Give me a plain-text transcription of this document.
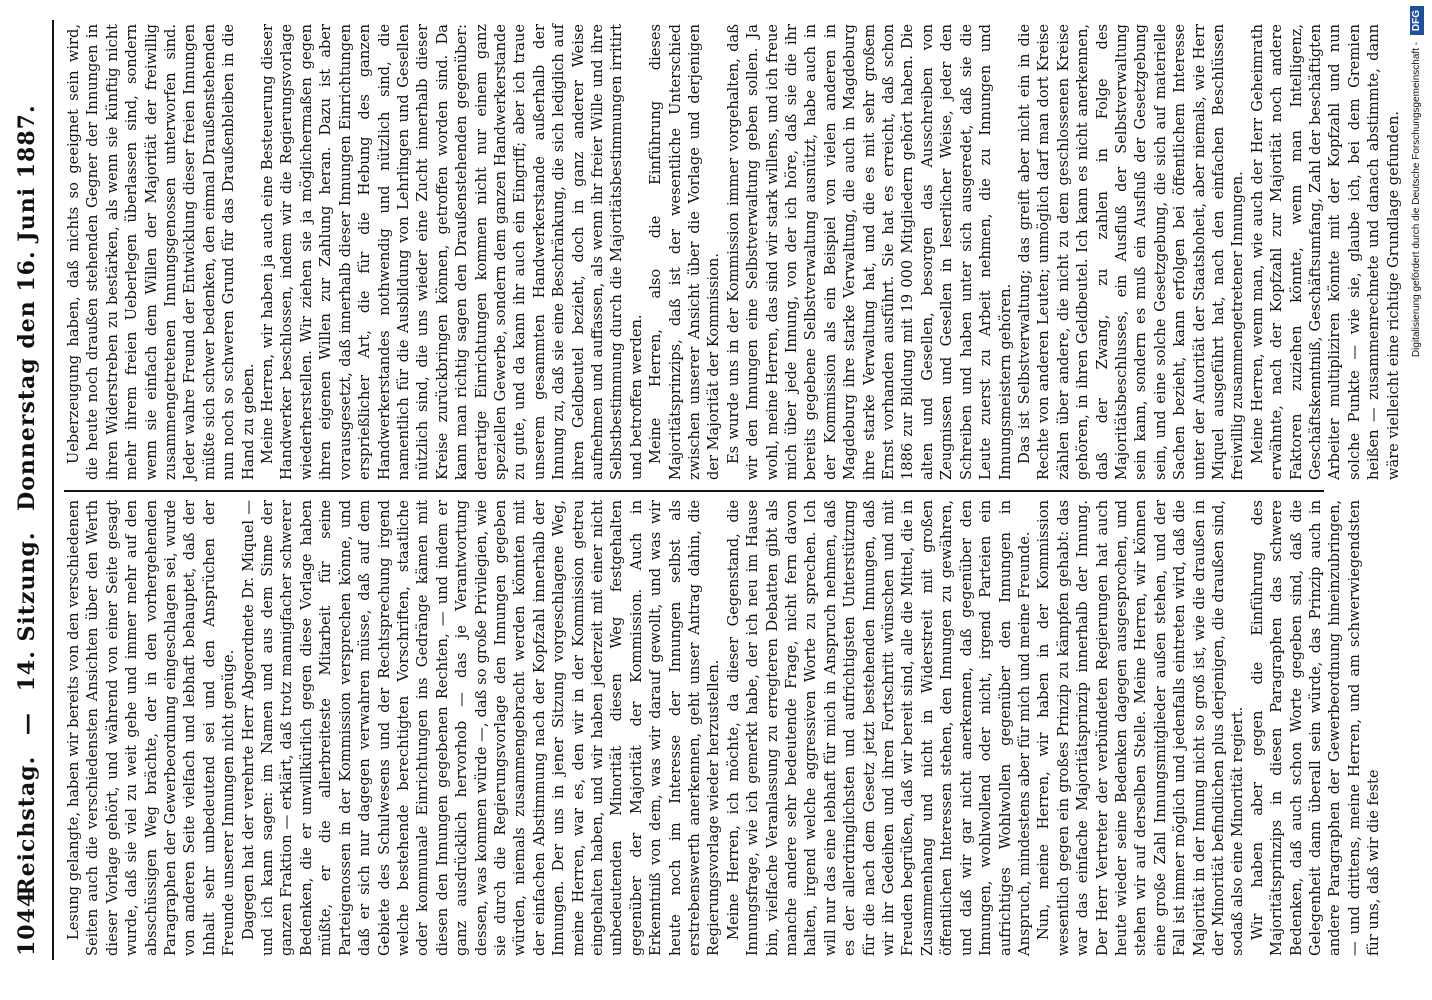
1044
Reichstag. — 14. Sitzung. Donnerstag den 16. Juni 1887.

Lesung gelangte, haben wir bereits von den verschiedenen Seiten auch die verschiedensten Ansichten über den Werth dieser Vorlage gehört, und während von einer Seite gesagt wurde, daß sie viel zu weit gehe und immer mehr auf den absschüssigen Weg brächte, der in den vorhergehenden Paragraphen der Gewerbeordnung eingeschlagen sei, wurde von anderen Seite vielfach und lebhaft behauptet, daß der Inhalt sehr unbedeutend sei und den Ansprüchen der Freunde unserer Innungen nicht genüge. Dagegen hat der verehrte Herr Abgeordnete Dr. Miquel — und ich kann sagen: im Namen und aus dem Sinne der ganzen Fraktion — erklärt, daß trotz mannigfacher schwerer Bedenken, die er unwillkürlich gegen diese Vorlage haben müßte, er die allerbreiteste Mitarbeit für seine Parteigenossen in der Kommission versprechen könne, und daß er sich nur dagegen verwahren müsse, daß auf dem Gebiete des Schulwesens und der Rechtsprechung irgend welche bestehende berechtigten Vorschriften, staatliche oder kommunale Einrichtungen ins Gedränge kämen mit diesen den Innungen gegebenen Rechten, — und indem er ganz ausdrücklich hervorhob — das je Verantwortung dessen, was kommen würde —, daß so große Privilegien, wie sie durch die Regierungsvorlage den Innungen gegeben würden, niemals zusammengebracht werden könnten mit der einfachen Abstimmung nach der Kopfzahl innerhalb der Innungen. Der uns in jener Sitzung vorgeschlagene Weg, meine Herren, war es, den wir in der Kommission getreu eingehalten haben, und wir haben jederzeit mit einer nicht unbedeutenden Minorität diesen Weg festgehalten gegenüber der Majorität der Kommission. Auch in Erkenntniß von dem, was wir darauf gewollt, und was wir heute noch im Interesse der Innungen selbst als erstrebenswerth anerkennen, geht unser Antrag dahin, die Regierungsvorlage wieder herzustellen. Meine Herren, ich möchte, da dieser Gegenstand, die Innungsfrage, wie ich gemerkt habe, der ich neu im Hause bin, vielfache Veranlassung zu erregteren Debatten gibt als manche andere sehr bedeutende Frage, nicht fern davon halten, irgend welche aggressiven Worte zu sprechen. Ich will nur das eine lebhaft für mich in Anspruch nehmen, daß es der allerdringlichsten und aufrichtigsten Unterstützung für die nach dem Gesetz jetzt bestehenden Innungen, daß wir ihr Gedeihen und ihren Fortschritt wünschen und mit Freuden begrüßen, daß wir bereit sind, alle die Mittel, die in Zusammenhang und nicht in Widerstreit mit großen öffentlichen Interessen stehen, den Innungen zu gewähren, und daß wir gar nicht anerkennen, daß gegenüber den Innungen, wohlwollend oder nicht, irgend Parteien ein aufrichtiges Wohlwollen gegenüber den Innungen in Anspruch, mindestens aber für mich und meine Freunde. Nun, meine Herren, wir haben in der Kommission wesentlich gegen ein großes Prinzip zu kämpfen gehabt: das war das einfache Majoritätsprinzip innerhalb der Innung. Der Herr Vertreter der verbündeten Regierungen hat auch heute wieder seine Bedenken dagegen ausgesprochen, und stehen wir auf derselben Stelle. Meine Herren, wir können eine große Zahl Innungsmitglieder außen stehen, und der Fall ist immer möglich und jedenfalls eintreten wird, daß die Majorität in der Innung nicht so groß ist, wie die draußen in der Minorität befindlichen plus derjenigen, die draußen sind, sodaß also eine Minorität regiert. Wir haben aber gegen die Einführung des Majoritätsprinzips in diesen Paragraphen das schwere Bedenken, daß auch schon Worte gegeben sind, daß die Gelegenheit dann überall sein würde, das Prinzip auch in andere Paragraphen der Gewerbeordnung hineinzubringen, — und drittens, meine Herren, und am schwerwiegendsten für uns, daß wir die feste

Ueberzeugung haben, daß nichts so geeignet sein wird, die heute noch draußen stehenden Gegner der Innungen in ihren Widerstreben zu bestärken, als wenn sie künftig nicht mehr ihrem freien Ueberlegen überlassen sind, sondern wenn sie einfach dem Willen der Majorität der freiwillig zusammengetretenen Innungsgenossen unterworfen sind. Jeder wahre Freund der Entwicklung dieser freien Innungen müßte sich schwer bedenken, den einmal Draußenstehenden nun noch so schweren Grund für das Draußenbleiben in die Hand zu geben. Meine Herren, wir haben ja auch eine Besteuerung dieser Handwerker beschlossen, indem wir die Regierungsvorlage wiederherstellen. Wir ziehen sie ja möglichermaßen gegen ihren eigenen Willen zur Zahlung heran. Dazu ist aber vorausgesetzt, daß innerhalb dieser Innungen Einrichtungen ersprießlicher Art, die für die Hebung des ganzen Handwerkerstandes nothwendig und nützlich sind, die namentlich für die Ausbildung von Lehrlingen und Gesellen nützlich sind, die uns wieder eine Zucht innerhalb dieser Kreise zurückbringen können, getroffen worden sind. Da kann man richtig sagen den Draußenstehenden gegenüber: derartige Einrichtungen kommen nicht nur einem ganz speziellen Gewerbe, sondern dem ganzen Handwerkerstande zu gute, und da kann ihr auch ein Eingriff; aber ich traue unserem gesammten Handwerkerstande außerhalb der Innung zu, daß sie eine Beschränkung, die sich lediglich auf ihren Geldbeutel bezieht, doch in ganz anderer Weise aufnehmen und auffassen, als wenn ihr freier Wille und ihre Selbstbestimmung durch die Majoritätsbestimmungen irritirt und betroffen werden. Meine Herren, also die Einführung dieses Majoritätsprinzips, daß ist der wesentliche Unterschied zwischen unserer Ansicht über die Vorlage und derjenigen der Majorität der Kommission. Es wurde uns in der Kommission immer vorgehalten, daß wir den Innungen eine Selbstverwaltung geben sollen. Ja wohl, meine Herren, das sind wir stark willens, und ich freue mich über jede Innung, von der ich höre, daß sie die ihr bereits gegebene Selbstverwaltung ausnützt, habe auch in der Kommission als ein Beispiel von vielen anderen in Magdeburg ihre starke Verwaltung, die auch in Magdeburg ihre starke Verwaltung hat, und die es mit sehr großem Ernst vorhanden ausführt. Sie hat es erreicht, daß schon 1886 zur Bildung mit 19 000 Mitgliedern gehört haben. Die alten und Gesellen, besorgen das Ausschreiben von Zeugnissen und Gesellen in leserlicher Weise, jeder den Schreiben und haben unter sich ausgeredet, daß sie die Leute zuerst zu Arbeit nehmen, die zu Innungen und Innungsmeistern gehören. Das ist Selbstverwaltung; das greift aber nicht ein in die Rechte von anderen Leuten; unmöglich darf man dort Kreise zählen über andere, die nicht zu dem geschlossenen Kreise gehören, in ihren Geldbeutel. Ich kann es nicht anerkennen, daß der Zwang, zu zahlen in Folge des Majoritätsbeschlusses, ein Ausfluß der Selbstverwaltung sein kann, sondern es muß ein Ausfluß der Gesetzgebung sein, und eine solche Gesetzgebung, die sich auf materielle Sachen bezieht, kann erfolgen bei öffentlichem Interesse unter der Autorität der Staatshoheit, aber niemals, wie Herr Miquel ausgeführt hat, nach den einfachen Beschlüssen freiwillig zusammengetretener Innungen. Meine Herren, wenn man, wie auch der Herr Geheimrath erwähnte, nach der Kopfzahl zur Majorität noch andere Faktoren zuziehen könnte, wenn man Intelligenz, Geschäftskenntniß, Geschäftsumfang, Zahl der beschäftigten Arbeiter multipliziren könnte mit der Kopfzahl und nun solche Punkte — wie sie, glaube ich, bei dem Gremien heißen — zusammenrechnete und danach abstimmte, dann wäre vielleicht eine richtige Grundlage gefunden. Digitalisierung gefördert durch die Deutsche Forschungsgemeinschaft - DFG
